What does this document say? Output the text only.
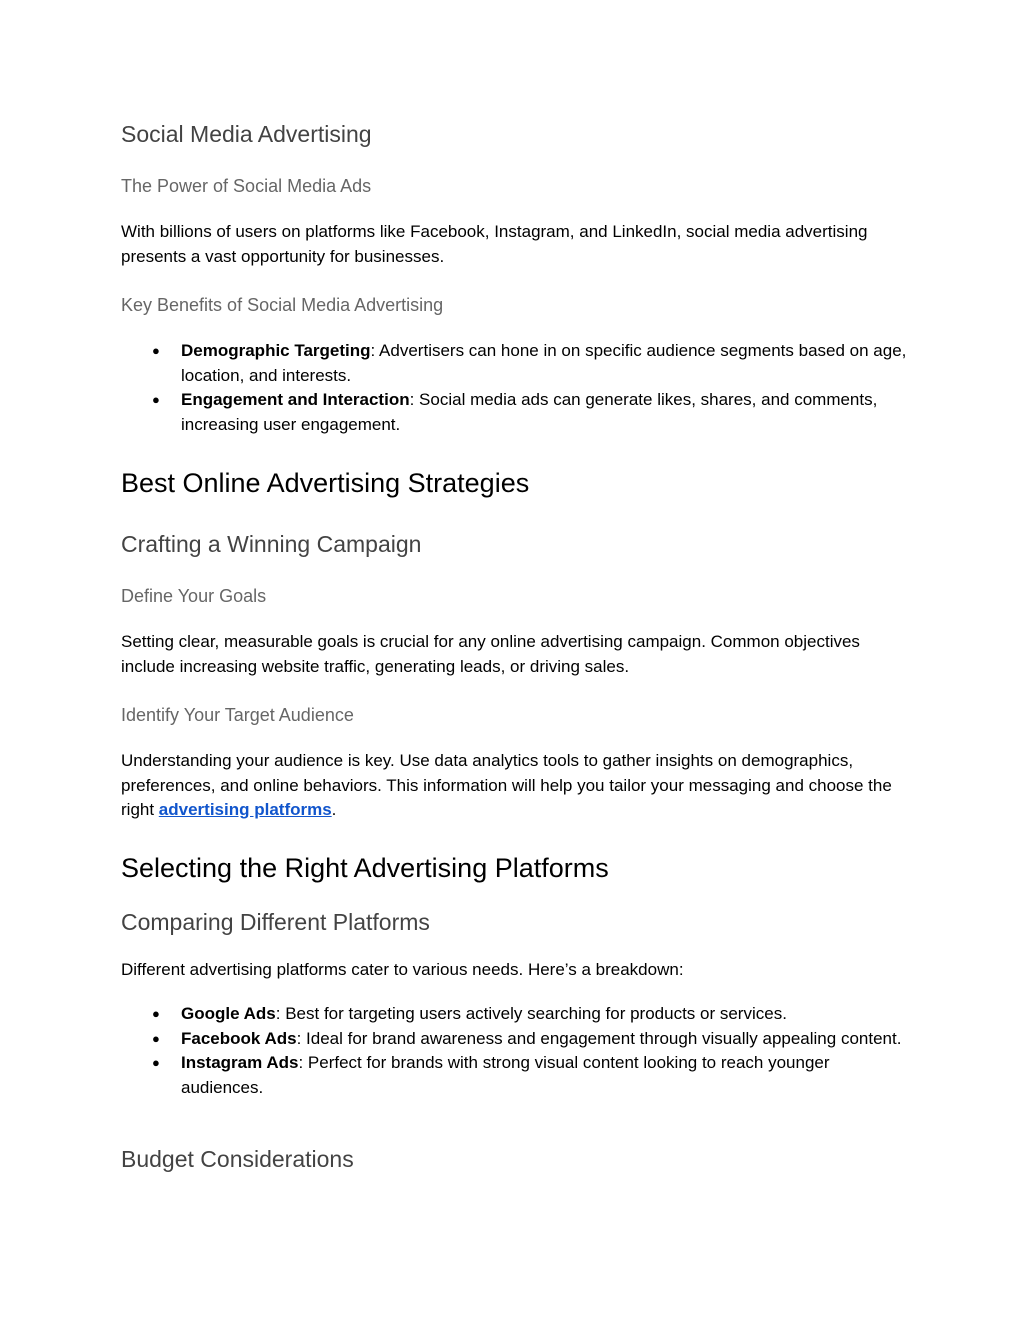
Social Media Advertising
The Power of Social Media Ads

With billions of users on platforms like Facebook, Instagram, and LinkedIn, social media advertising presents a vast opportunity for businesses.

Key Benefits of Social Media Advertising
● Demographic Targeting: Advertisers can hone in on specific audience segments based on age, location, and interests.
● Engagement and Interaction: Social media ads can generate likes, shares, and comments, increasing user engagement.
Best Online Advertising Strategies
Crafting a Winning Campaign
Define Your Goals

Setting clear, measurable goals is crucial for any online advertising campaign. Common objectives include increasing website traffic, generating leads, or driving sales.

Identify Your Target Audience

Understanding your audience is key. Use data analytics tools to gather insights on demographics, preferences, and online behaviors. This information will help you tailor your messaging and choose the right advertising platforms.

Selecting the Right Advertising Platforms
Comparing Different Platforms

Different advertising platforms cater to various needs. Here’s a breakdown:

● Google Ads: Best for targeting users actively searching for products or services.
● Facebook Ads: Ideal for brand awareness and engagement through visually appealing content.
● Instagram Ads: Perfect for brands with strong visual content looking to reach younger audiences.
Budget Considerations
